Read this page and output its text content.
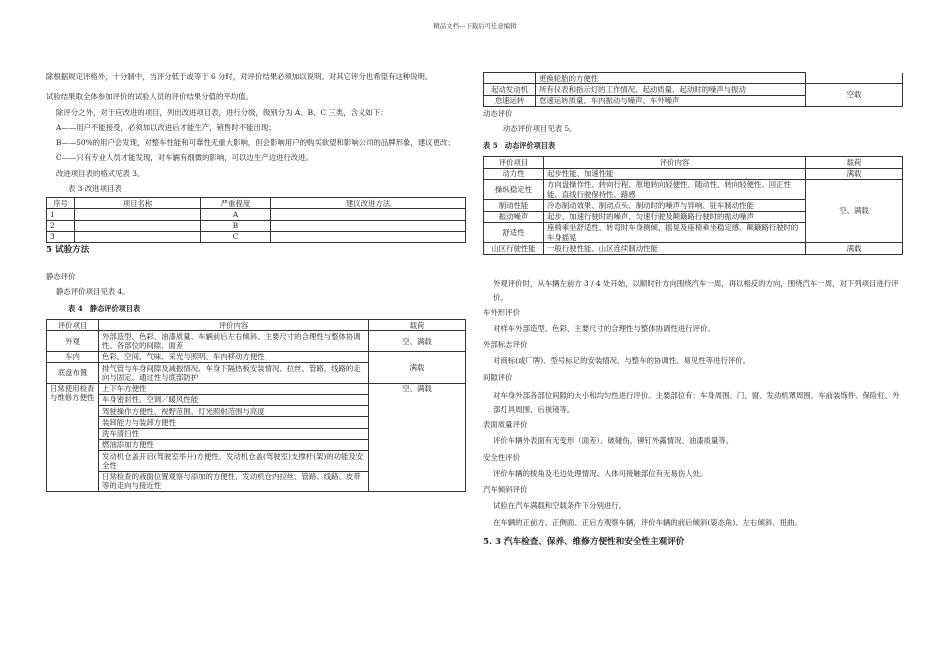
精品文档---下载后可任意编辑

除根据规定评格外，十分制中，当评分低于或等于 6 分时，对评价结果必须加以说明。对其它评分也希望有这种说明。

试验结果取全体参加评价的试验人员的评价结果分值的平均值。

除评分之外，对于应改进的项目，列出改进项目表，进行分级，级别分为 A、B、C 三类，含义如下：

A——用户不能接受，必须加以改进后才能生产，销售时不能出现；

B——50%的用户会发现，对整车性能和可靠性无重大影响，但会影响用户的购买欲望和影响公司的品牌形象，建议更改；

C——只有专业人员才能发现，对车辆有细微的影响，可以边生产边进行改进。

改进项目表的格式见表 3。

表 3 改进项目表

序号	项目名称	严重程度	建议改进方法
1		A	
2		B	
3		C	

5 试验方法

静态评价

静态评价项目见表 4。

表 4　静态评价项目表

评价项目	评价内容	载荷
外观	外部造型、色彩、油漆质量、车辆前后左右倾斜、主要尺寸的合理性与整体协调性、各部位的间隙、面差	空、满载
车内	色彩、空间、气味、采光与照明、车内移动方便性	满载
底盘布置	排气管与车身间隙及减振情况、车身下隔热板安装情况、拉丝、管路、线路的走向与固定、通过性与底部防护	
日常使用检查与维修方便性	上下车方便性	空、满载
	车身密封性、空调／暖风性能	
	驾驶操作方便性、视野范围、灯光照射范围与亮度	
	装卸能力与装卸方便性	
	洗车清扫性	
	燃油添加方便性	
	发动机仓盖开启(驾驶室举升)方便性、发动机仓盖(驾驶室)支撑杆(架)的功能及安全性	
	日常检查的液面位置观察与添加的方便性、发动机仓内拉丝、管路、线路、皮带等的走向与接近性	
	更换轮胎的方便性	
起动发动机	所有仪表和指示灯的工作情况、起动质量、起动时的噪声与振动	空载
怠速运转	怠速运转质量、车内振动与噪声、车外噪声	

动态评价

动态评价项目见表 5。

表 5　动态评价项目表

评价项目	评价内容	载荷
动力性	起步性能、加速性能	满载
操纵稳定性	方向盘操作性、转向行程、原地转向轻便性、随动性、转向轻便性、回正性能、直线行驶保持性、路感	空、满载
制动性能	冷态制动效果、制动点头、制动时的噪声与异响、驻车制动性能	
振动噪声	起步、加速行驶时的噪声、匀速行驶及颠簸路行驶时的振动噪声	
舒适性	座椅乘坐舒适性、转弯时车身侧倾、摇晃及座椅乘坐稳定感、颠簸路行驶时的车身摇晃	
山区行驶性能	一般行驶性能、山区连续制动性能	满载

外观评价时，从车辆左前方 3 / 4 处开始，以顺时针方向围绕汽车一周，再以相反的方向，围绕汽车一周，对下列项目进行评价。

车外形评价

对样车外部造型、色彩、主要尺寸的合理性与整体协调性进行评价。

外部标志评价

对商标(或厂牌)、型号标记的安装情况、与整车的协调性、易见性等进行评价。

间隙评价

对车身外部各部位间隙的大小和均匀性进行评价。主要部位有：车身周围、门、窗、发动机罩周围、车前装饰件、保险杠、外部灯具周围、后视镜等。

表面质量评价

评价车辆外表面有无变形（面差）、破碰伤、铆钉外露情况、油漆质量等。

安全性评价

评价车辆的棱角及毛边处理情况、人体可接触部位有无易伤人处。

汽车倾斜评价

试验在汽车满载和空载条件下分别进行。

在车辆的正前方、正侧面、正后方观察车辆，评价车辆的前后倾斜(姿态角)、左右倾斜、扭曲。

5. 3 汽车检查、保养、维修方便性和安全性主观评价
